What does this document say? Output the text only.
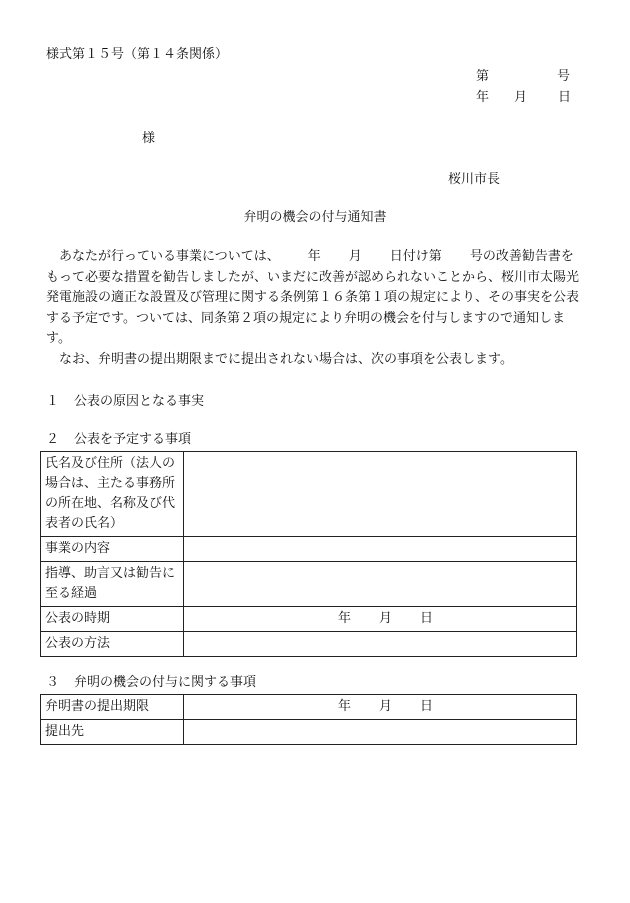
様式第１５号（第１４条関係）
第	号
年 月 日
様
桜川市長
弁明の機会の付与通知書

　あなたが行っている事業については、 年 月 日付け第 号の改善勧告書をもって必要な措置を勧告しましたが、いまだに改善が認められないことから、桜川市太陽光発電施設の適正な設置及び管理に関する条例第１６条第１項の規定により、その事実を公表する予定です。ついては、同条第２項の規定により弁明の機会を付与しますので通知します。

　なお、弁明書の提出期限までに提出されない場合は、次の事項を公表します。

１ 公表の原因となる事実
２ 公表を予定する事項
氏名及び住所（法人の場合は、主たる事務所の所在地、名称及び代表者の氏名）	
事業の内容	
指導、助言又は勧告に至る経過	
公表の時期	年 月 日
公表の方法	
３ 弁明の機会の付与に関する事項
弁明書の提出期限	年 月 日
提出先	
